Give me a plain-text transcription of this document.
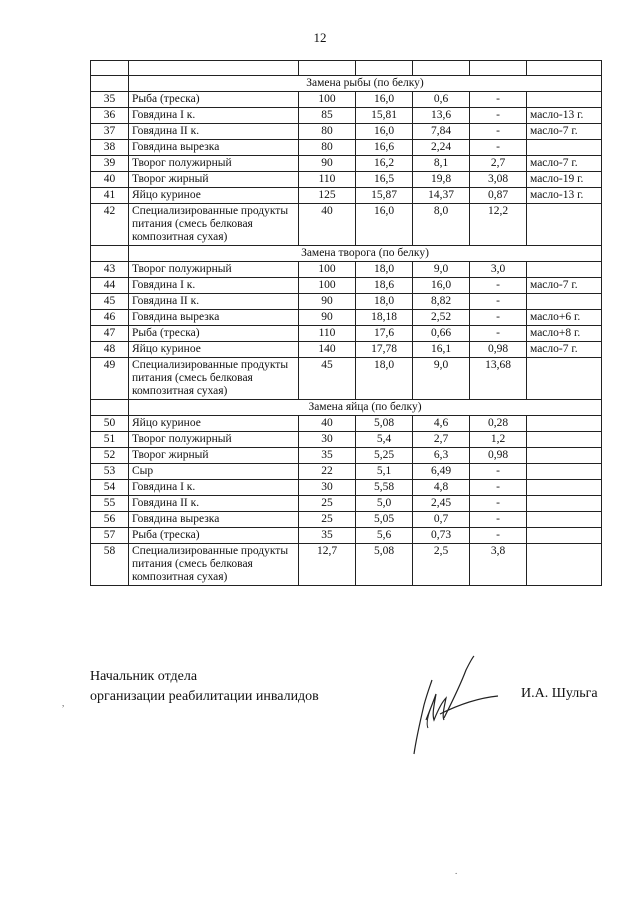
12

	Замена рыбы (по белку)					
35	Рыба (треска)	100	16,0	0,6	-	
36	Говядина I к.	85	15,81	13,6	-	масло-13 г.
37	Говядина II к.	80	16,0	7,84	-	масло-7 г.
38	Говядина вырезка	80	16,6	2,24	-	
39	Творог полужирный	90	16,2	8,1	2,7	масло-7 г.
40	Творог жирный	110	16,5	19,8	3,08	масло-19 г.
41	Яйцо куриное	125	15,87	14,37	0,87	масло-13 г.
42	Специализированные продукты питания (смесь белковая композитная сухая)	40	16,0	8,0	12,2	
	Замена творога (по белку)					
43	Творог полужирный	100	18,0	9,0	3,0	
44	Говядина I к.	100	18,6	16,0	-	масло-7 г.
45	Говядина II к.	90	18,0	8,82	-	
46	Говядина вырезка	90	18,18	2,52	-	масло+6 г.
47	Рыба (треска)	110	17,6	0,66	-	масло+8 г.
48	Яйцо куриное	140	17,78	16,1	0,98	масло-7 г.
49	Специализированные продукты питания (смесь белковая композитная сухая)	45	18,0	9,0	13,68	
	Замена яйца (по белку)					
50	Яйцо куриное	40	5,08	4,6	0,28	
51	Творог полужирный	30	5,4	2,7	1,2	
52	Творог жирный	35	5,25	6,3	0,98	
53	Сыр	22	5,1	6,49	-	
54	Говядина I к.	30	5,58	4,8	-	
55	Говядина II к.	25	5,0	2,45	-	
56	Говядина вырезка	25	5,05	0,7	-	
57	Рыба (треска)	35	5,6	0,73	-	
58	Специализированные продукты питания (смесь белковая композитная сухая)	12,7	5,08	2,5	3,8	
Начальник отдела
организации реабилитации инвалидов	И.А. Шульга
,
.
